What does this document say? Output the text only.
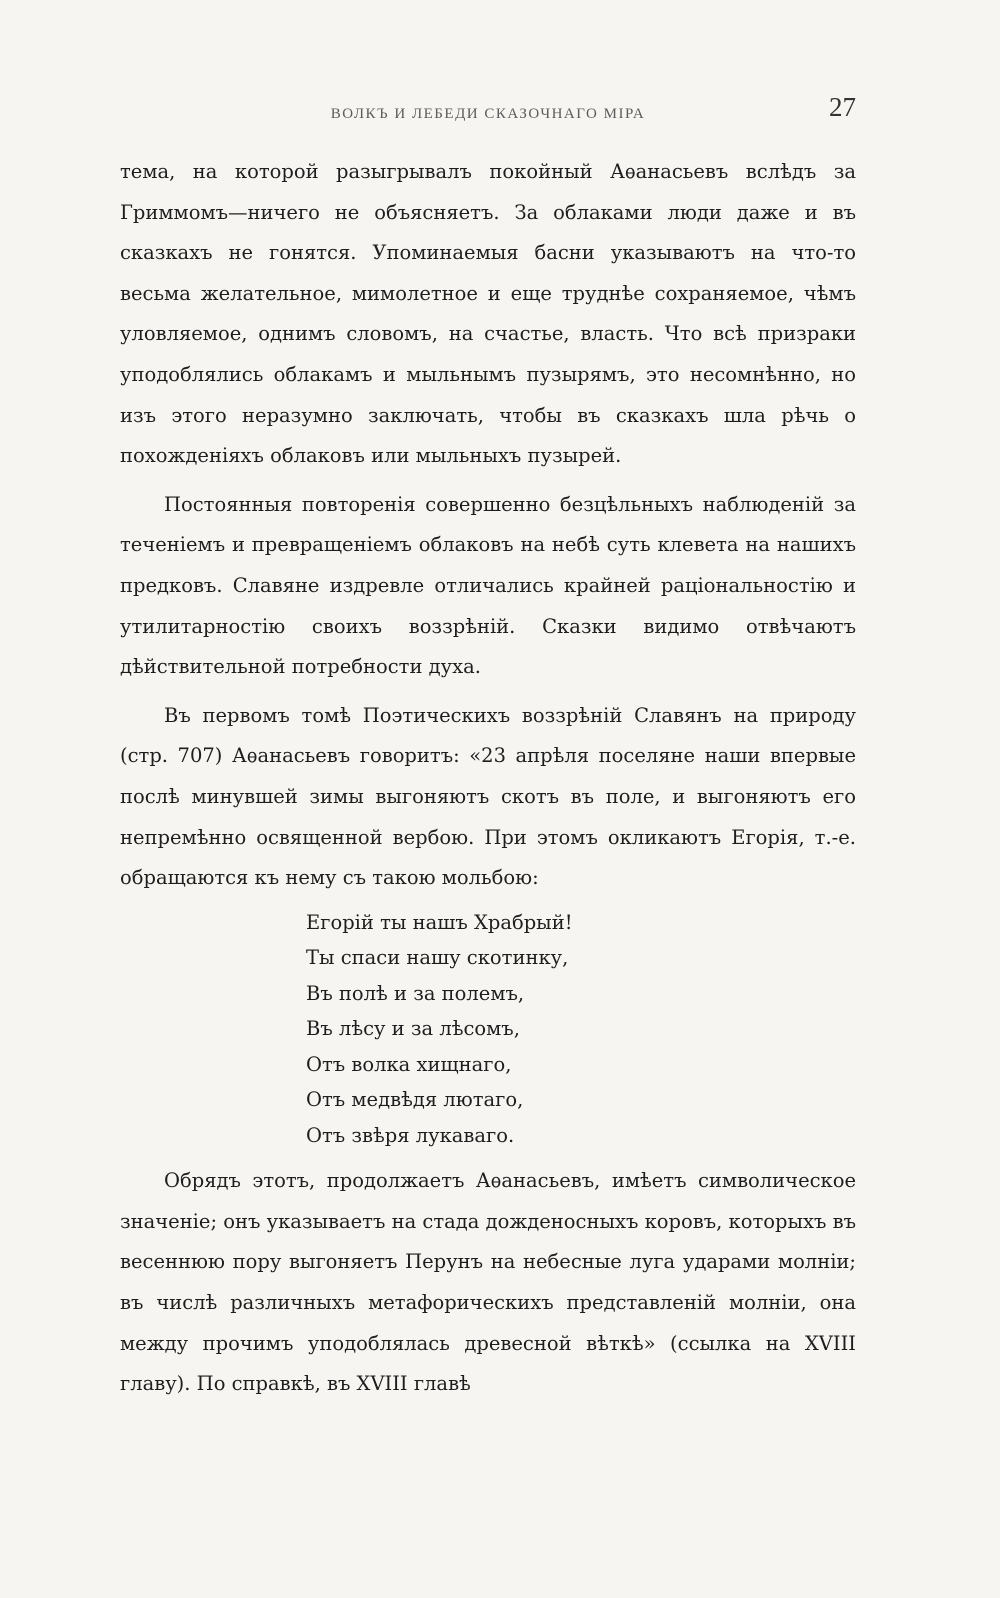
ВОЛКЪ И ЛЕБЕДИ СКАЗОЧНАГО МІРА	27

тема, на которой разыгрывалъ покойный Аѳанасьевъ вслѣдъ за Гриммомъ—ничего не объясняетъ. За облаками люди даже и въ сказкахъ не гонятся. Упоминаемыя басни указываютъ на что-то весьма желательное, мимолетное и еще труднѣе сохраняемое, чѣмъ уловляемое, однимъ словомъ, на счастье, власть. Что всѣ призраки уподоблялись облакамъ и мыльнымъ пузырямъ, это несомнѣнно, но изъ этого неразумно заключать, чтобы въ сказкахъ шла рѣчь о похожденіяхъ облаковъ или мыльныхъ пузырей.

Постоянныя повторенія совершенно безцѣльныхъ наблюденій за теченіемъ и превращеніемъ облаковъ на небѣ суть клевета на нашихъ предковъ. Славяне издревле отличались крайней раціональностію и утилитарностію своихъ воззрѣній. Сказки видимо отвѣчаютъ дѣйствительной потребности духа.

Въ первомъ томѣ Поэтическихъ воззрѣній Славянъ на природу (стр. 707) Аѳанасьевъ говоритъ: «23 апрѣля поселяне наши впервые послѣ минувшей зимы выгоняютъ скотъ въ поле, и выгоняютъ его непремѣнно освященной вербою. При этомъ окликаютъ Егорія, т.-е. обращаются къ нему съ такою мольбою:

Егорій ты нашъ Храбрый!
Ты спаси нашу скотинку,
Въ полѣ и за полемъ,
Въ лѣсу и за лѣсомъ,
Отъ волка хищнаго,
Отъ медвѣдя лютаго,
Отъ звѣря лукаваго.

Обрядъ этотъ, продолжаетъ Аѳанасьевъ, имѣетъ символическое значеніе; онъ указываетъ на стада дожденосныхъ коровъ, которыхъ въ весеннюю пору выгоняетъ Перунъ на небесные луга ударами молніи; въ числѣ различныхъ метафорическихъ представленій молніи, она между прочимъ уподоблялась древесной вѣткѣ» (ссылка на XVIII главу). По справкѣ, въ XVIII главѣ
